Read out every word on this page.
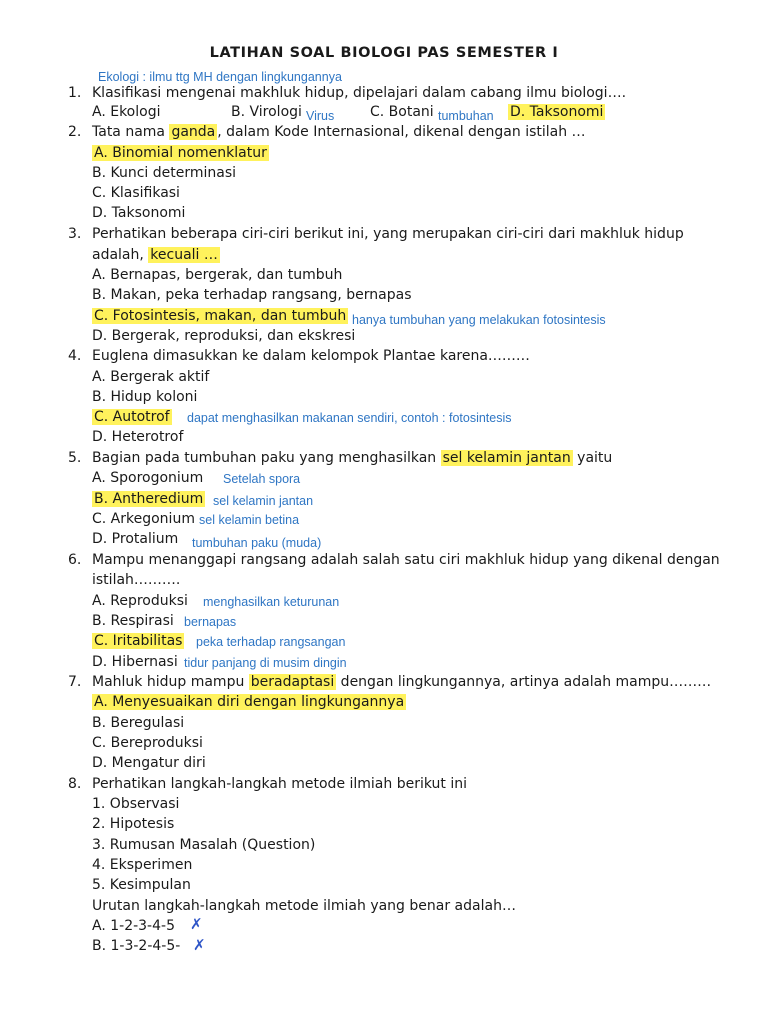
LATIHAN SOAL BIOLOGI PAS SEMESTER I
Ekologi : ilmu ttg MH dengan lingkungannya
1. Klasifikasi mengenai makhluk hidup, dipelajari dalam cabang ilmu biologi….
A. Ekologi	B. Virologi Virus	C. Botani tumbuhan D. Taksonomi
2. Tata nama ganda , dalam Kode Internasional, dikenal dengan istilah …
A. Binomial nomenklatur
B. Kunci determinasi
C. Klasifikasi
D. Taksonomi
3. Perhatikan beberapa ciri-ciri berikut ini, yang merupakan ciri-ciri dari makhluk hidup
adalah, kecuali …
A. Bernapas, bergerak, dan tumbuh
B. Makan, peka terhadap rangsang, bernapas
C. Fotosintesis, makan, dan tumbuh hanya tumbuhan yang melakukan fotosintesis
D. Bergerak, reproduksi, dan ekskresi
4. Euglena dimasukkan ke dalam kelompok Plantae karena………
A. Bergerak aktif
B. Hidup koloni
C. Autotrof dapat menghasilkan makanan sendiri, contoh : fotosintesis
D. Heterotrof
5. Bagian pada tumbuhan paku yang menghasilkan sel kelamin jantan yaitu
A. Sporogonium Setelah spora
B. Antheredium sel kelamin jantan
C. Arkegonium sel kelamin betina
D. Protalium tumbuhan paku (muda)
6. Mampu menanggapi rangsang adalah salah satu ciri makhluk hidup yang dikenal dengan
istilah……….
A. Reproduksi menghasilkan keturunan
B. Respirasi bernapas
C. Iritabilitas peka terhadap rangsangan
D. Hibernasi tidur panjang di musim dingin
7. Mahluk hidup mampu beradaptasi dengan lingkungannya, artinya adalah mampu………
A. Menyesuaikan diri dengan lingkungannya
B. Beregulasi
C. Bereproduksi
D. Mengatur diri
8. Perhatikan langkah-langkah metode ilmiah berikut ini
1. Observasi
2. Hipotesis
3. Rumusan Masalah (Question)
4. Eksperimen
5. Kesimpulan
Urutan langkah-langkah metode ilmiah yang benar adalah…
A. 1-2-3-4-5 ✗
B. 1-3-2-4-5- ✗
